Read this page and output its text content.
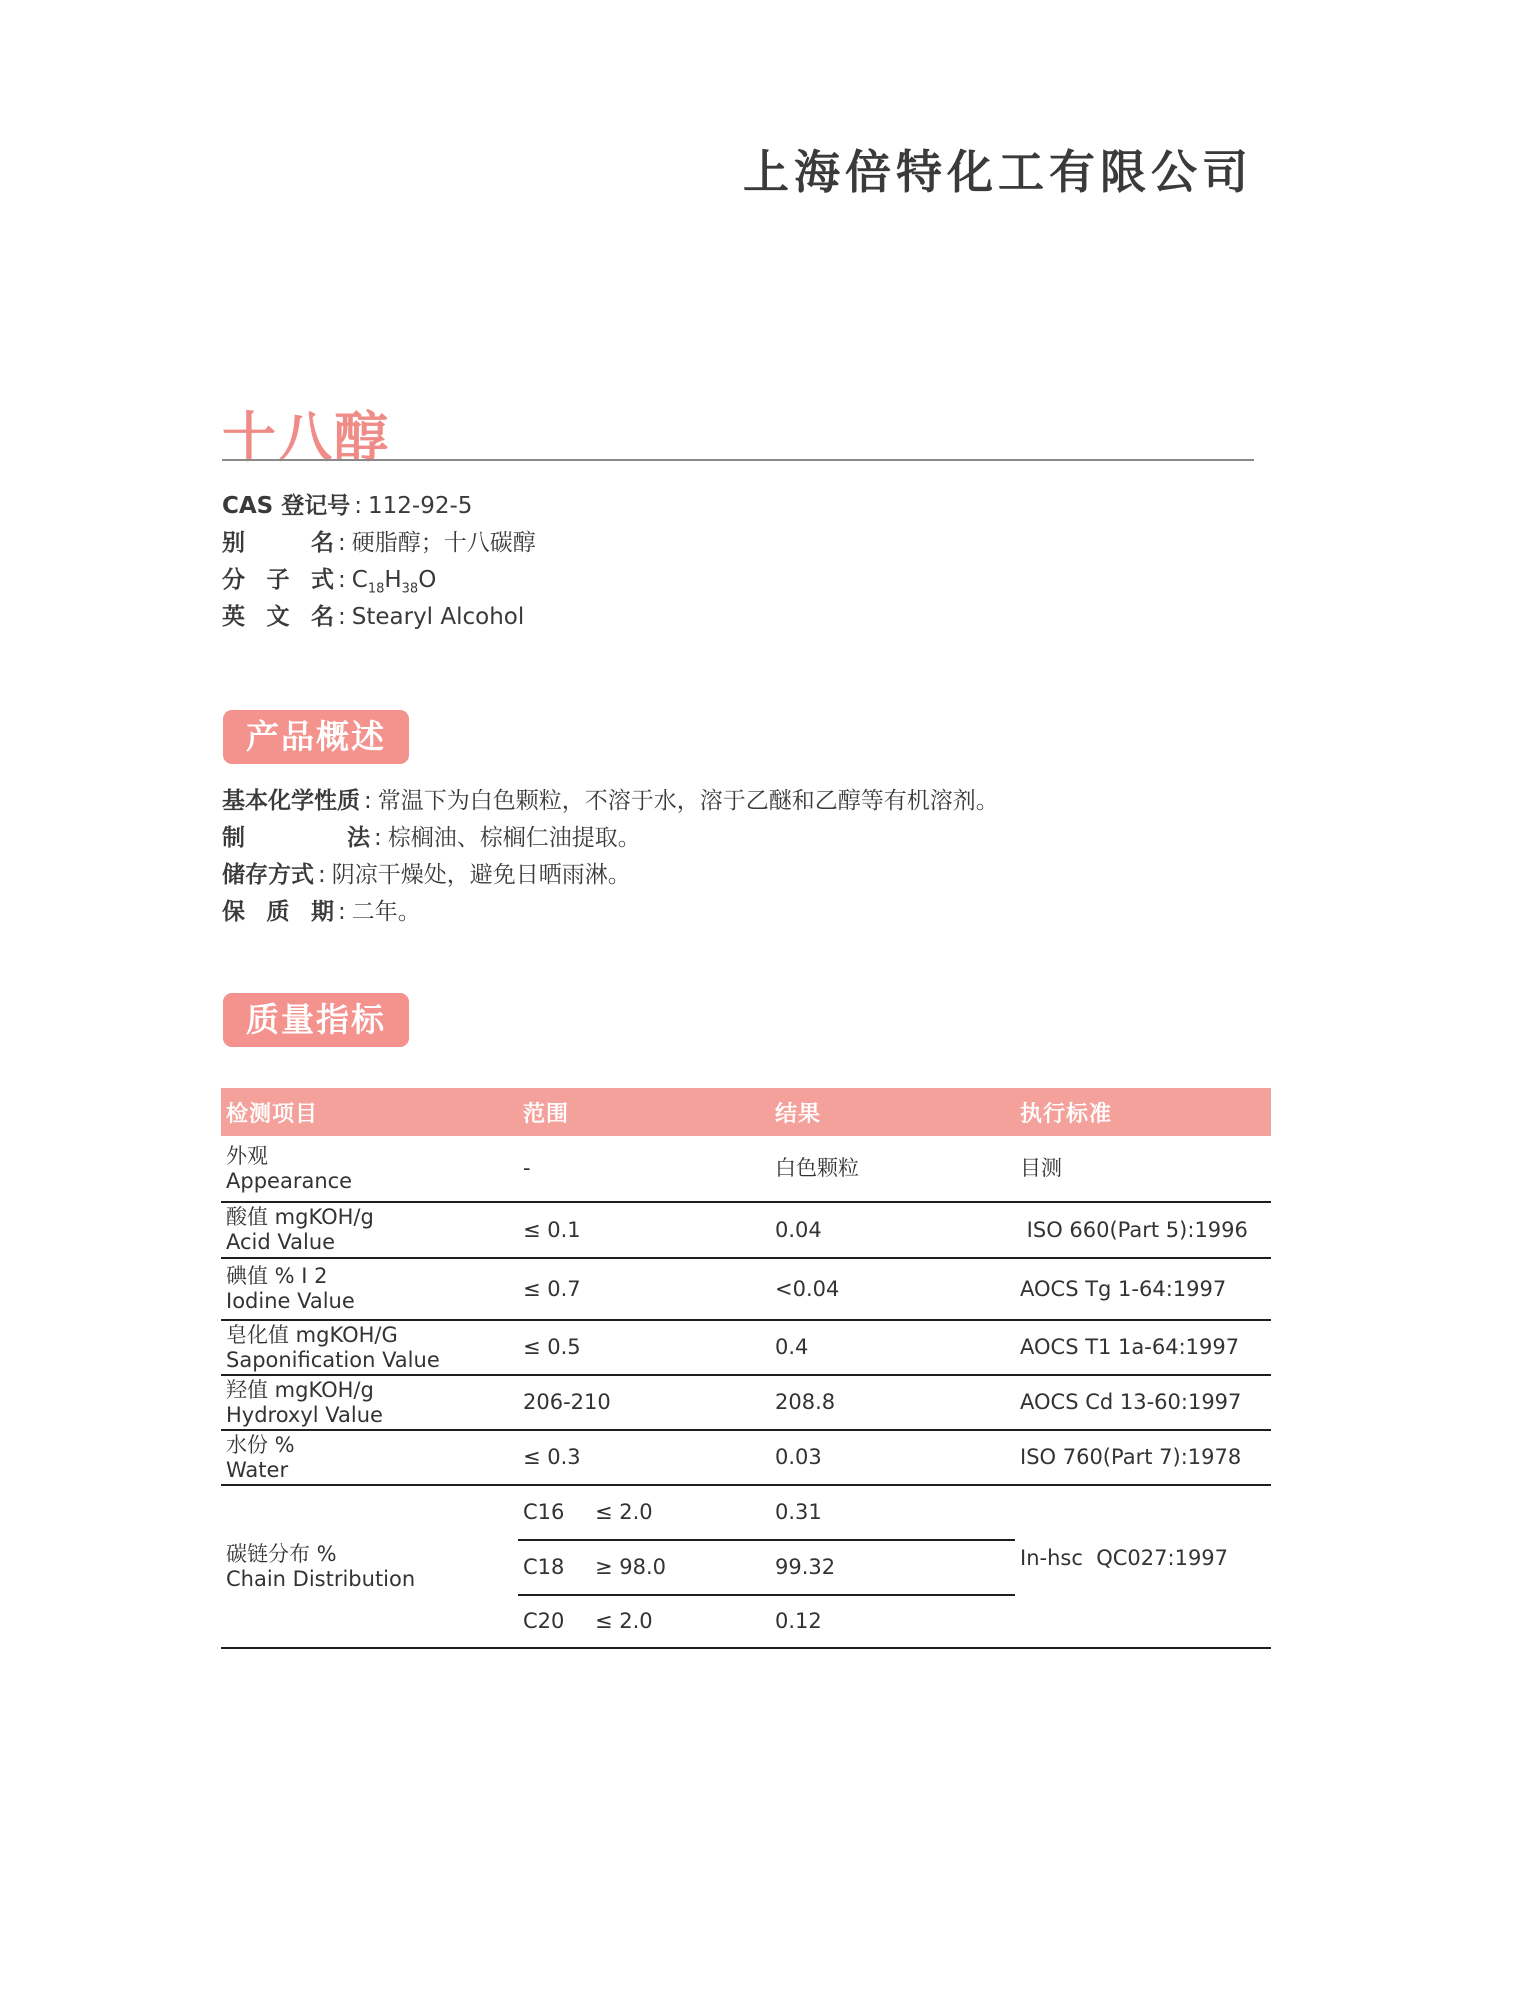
上海倍特化工有限公司
十八醇
CAS 登记号 : 112-92-5
别　　名 : 硬脂醇；十八碳醇
分 子 式 : $C_{18}H_{38}O$
英 文 名 : Stearyl Alcohol
产品概述
基本化学性质 : 常温下为白色颗粒，不溶于水，溶于乙醚和乙醇等有机溶剂。
制　　法 : 棕榈油、棕榈仁油提取。
储存方式 : 阴凉干燥处，避免日晒雨淋。
保 质 期 : 二年。
质量指标
检测项目	范围	结果	执行标准

外观
Appearance	-	白色颗粒	目测

酸值 mgKOH/g
Acid Value	≤ 0.1	0.04	ISO 660(Part 5):1996

碘值 % I 2
Iodine Value	≤ 0.7	<0.04	AOCS Tg 1-64:1997

皂化值 mgKOH/G
Saponification Value	≤ 0.5	0.4	AOCS T1 1a-64:1997

羟值 mgKOH/g
Hydroxyl Value	206-210	208.8	AOCS Cd 13-60:1997

水份 %
Water	≤ 0.3	0.03	ISO 760(Part 7):1978

碳链分布 %
Chain Distribution	C16 ≤ 2.0	0.31	In-hsc  QC027:1997
	C18 ≥ 98.0	99.32	
	C20 ≤ 2.0	0.12	
